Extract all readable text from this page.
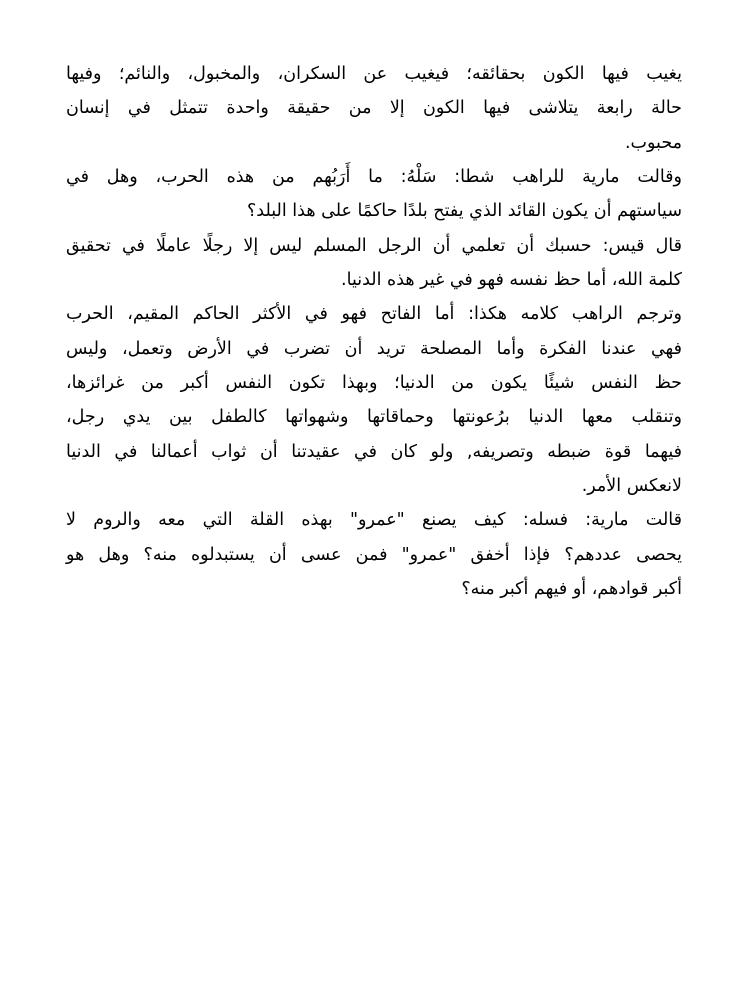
يغيب فيها الكون بحقائقه؛ فيغيب عن السكران، والمخبول، والنائم؛ وفيها
حالة رابعة يتلاشى فيها الكون إلا من حقيقة واحدة تتمثل في إنسان
محبوب.
وقالت مارية للراهب شطا: سَلْهُ: ما أَرَبُهم من هذه الحرب، وهل في
سياستهم أن يكون القائد الذي يفتح بلدًا حاكمًا على هذا البلد؟
قال قيس: حسبك أن تعلمي أن الرجل المسلم ليس إلا رجلًا عاملًا في تحقيق
كلمة الله، أما حظ نفسه فهو في غير هذه الدنيا.
وترجم الراهب كلامه هكذا: أما الفاتح فهو في الأكثر الحاكم المقيم، الحرب
فهي عندنا الفكرة وأما المصلحة تريد أن تضرب في الأرض وتعمل، وليس
حظ النفس شيئًا يكون من الدنيا؛ وبهذا تكون النفس أكبر من غرائزها،
وتنقلب معها الدنيا برُعونتها وحماقاتها وشهواتها كالطفل بين يدي رجل،
فيهما قوة ضبطه وتصريفه, ولو كان في عقيدتنا أن ثواب أعمالنا في الدنيا
لانعكس الأمر.
قالت مارية: فسله: كيف يصنع "عمرو" بهذه القلة التي معه والروم لا
يحصى عددهم؟ فإذا أخفق "عمرو" فمن عسى أن يستبدلوه منه؟ وهل هو
أكبر قوادهم، أو فيهم أكبر منه؟
